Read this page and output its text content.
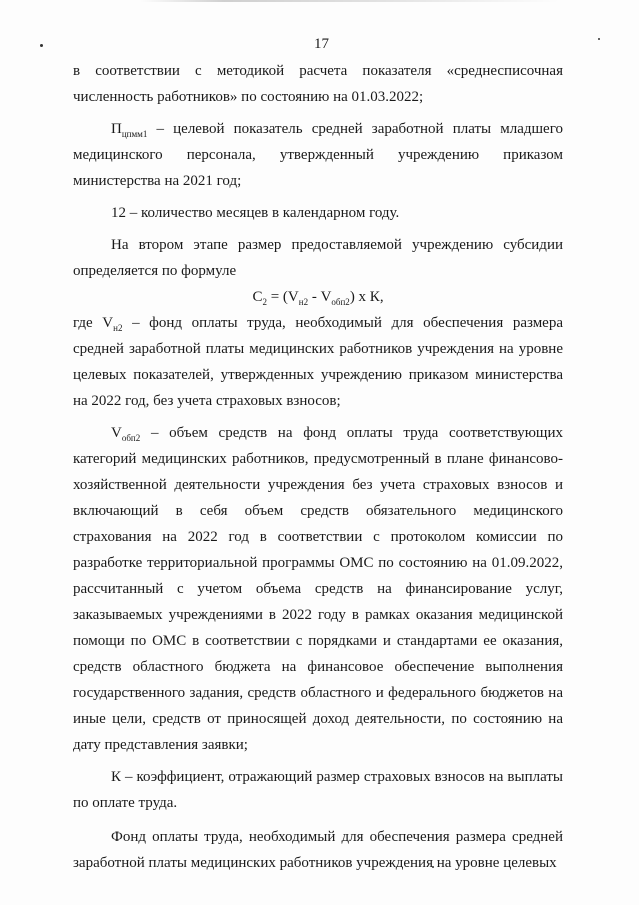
17

в соответствии с методикой расчета показателя «среднесписочная численность работников» по состоянию на 01.03.2022;

$П_{цпмм1}$ – целевой показатель средней заработной платы младшего медицинского персонала, утвержденный учреждению приказом министерства на 2021 год;

12 – количество месяцев в календарном году.

На втором этапе размер предоставляемой учреждению субсидии определяется по формуле

$С_2 = (V_{н2} - V_{обп2})$ х К,

где $V_{н2}$ – фонд оплаты труда, необходимый для обеспечения размера средней заработной платы медицинских работников учреждения на уровне целевых показателей, утвержденных учреждению приказом министерства на 2022 год, без учета страховых взносов;

$V_{обп2}$ – объем средств на фонд оплаты труда соответствующих категорий медицинских работников, предусмотренный в плане финансово-хозяйственной деятельности учреждения без учета страховых взносов и включающий в себя объем средств обязательного медицинского страхования на 2022 год в соответствии с протоколом комиссии по разработке территориальной программы ОМС по состоянию на 01.09.2022, рассчитанный с учетом объема средств на финансирование услуг, заказываемых учреждениями в 2022 году в рамках оказания медицинской помощи по ОМС в соответствии с порядками и стандартами ее оказания, средств областного бюджета на финансовое обеспечение выполнения государственного задания, средств областного и федерального бюджетов на иные цели, средств от приносящей доход деятельности, по состоянию на дату представления заявки;

К – коэффициент, отражающий размер страховых взносов на выплаты по оплате труда.

Фонд оплаты труда, необходимый для обеспечения размера средней заработной платы медицинских работников учреждения на уровне целевых
